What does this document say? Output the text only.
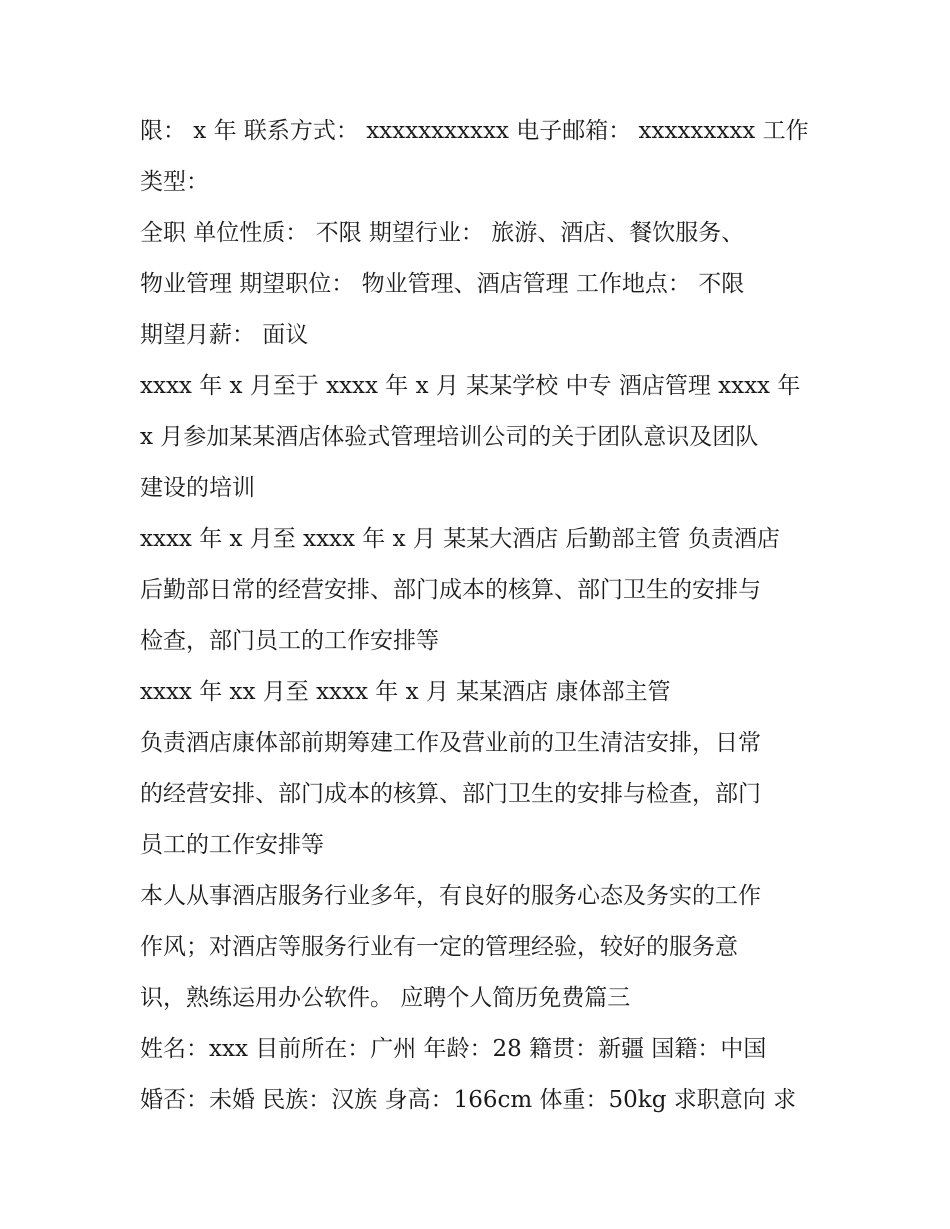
限： x 年 联系方式： xxxxxxxxxxx 电子邮箱： xxxxxxxxx 工作
类型：
全职 单位性质： 不限 期望行业： 旅游、酒店、餐饮服务、
物业管理 期望职位： 物业管理、酒店管理 工作地点： 不限
期望月薪： 面议
xxxx 年 x 月至于 xxxx 年 x 月 某某学校 中专 酒店管理 xxxx 年
x 月参加某某酒店体验式管理培训公司的关于团队意识及团队
建设的培训
xxxx 年 x 月至 xxxx 年 x 月 某某大酒店 后勤部主管 负责酒店
后勤部日常的经营安排、部门成本的核算、部门卫生的安排与
检查，部门员工的工作安排等
xxxx 年 xx 月至 xxxx 年 x 月 某某酒店 康体部主管
负责酒店康体部前期筹建工作及营业前的卫生清洁安排，日常
的经营安排、部门成本的核算、部门卫生的安排与检查，部门
员工的工作安排等
本人从事酒店服务行业多年，有良好的服务心态及务实的工作
作风；对酒店等服务行业有一定的管理经验，较好的服务意
识，熟练运用办公软件。 应聘个人简历免费篇三
姓名：xxx 目前所在：广州 年龄：28 籍贯：新疆 国籍：中国
婚否：未婚 民族：汉族 身高：166cm 体重：50kg 求职意向 求
